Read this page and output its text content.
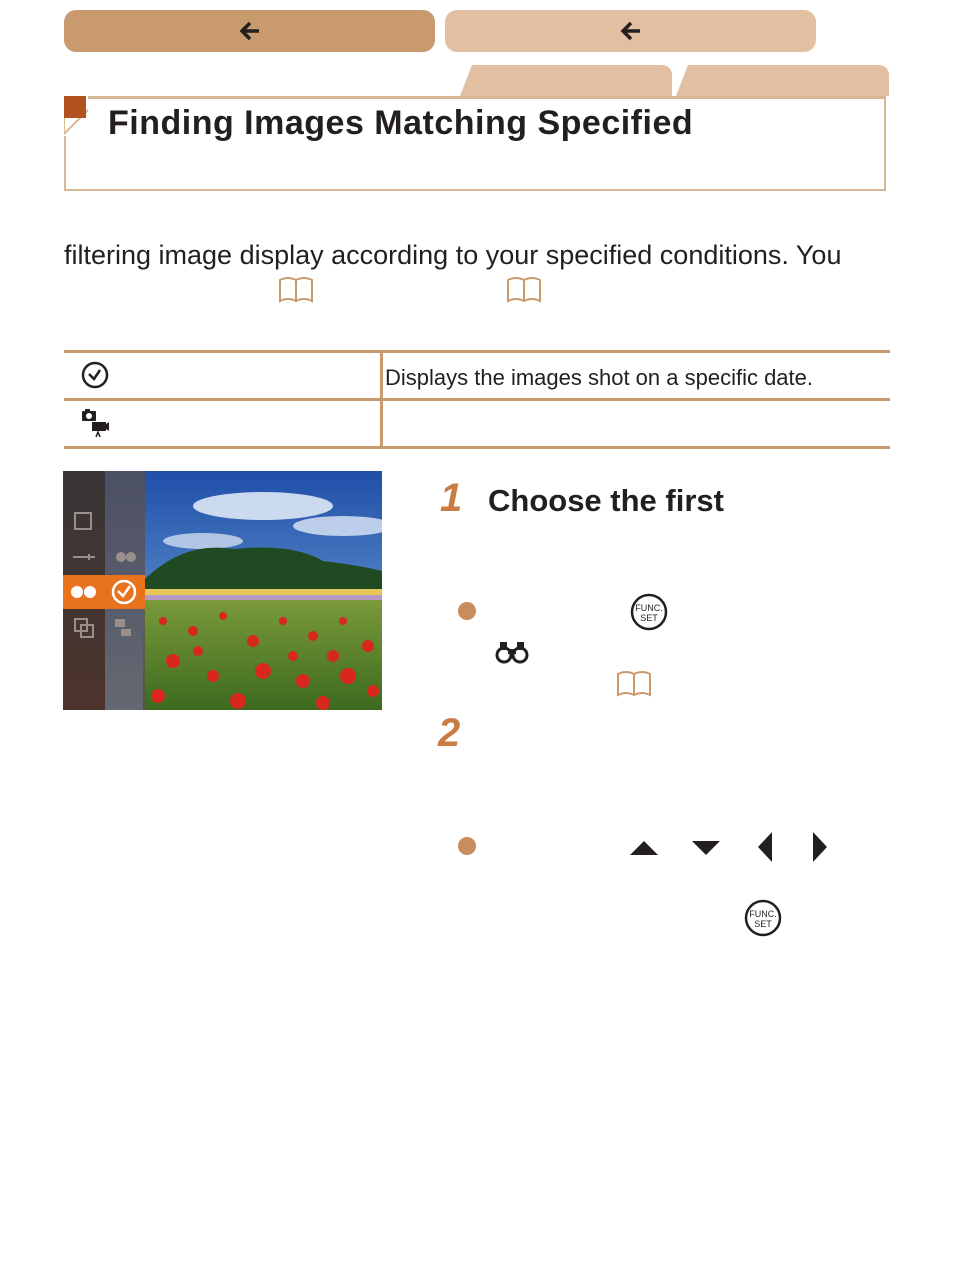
Finding Images Matching Specified
filtering image display according to your specified conditions. You
Displays the images shot on a specific date.
1 Choose the first
FUNC.
SET
2
FUNC.
SET
